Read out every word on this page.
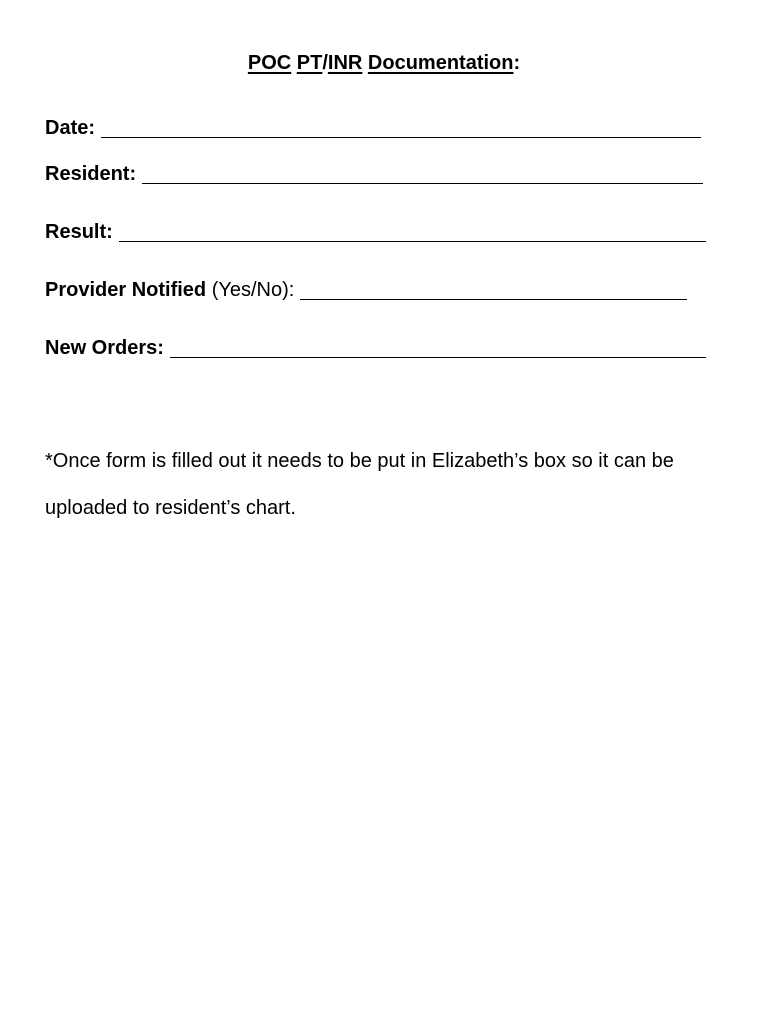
POC PT/INR Documentation:
Date:
Resident:
Result:
Provider Notified
(Yes/No):
New Orders:
*Once form is filled out it needs to be put in Elizabeth’s box so it can be uploaded to resident’s chart.
